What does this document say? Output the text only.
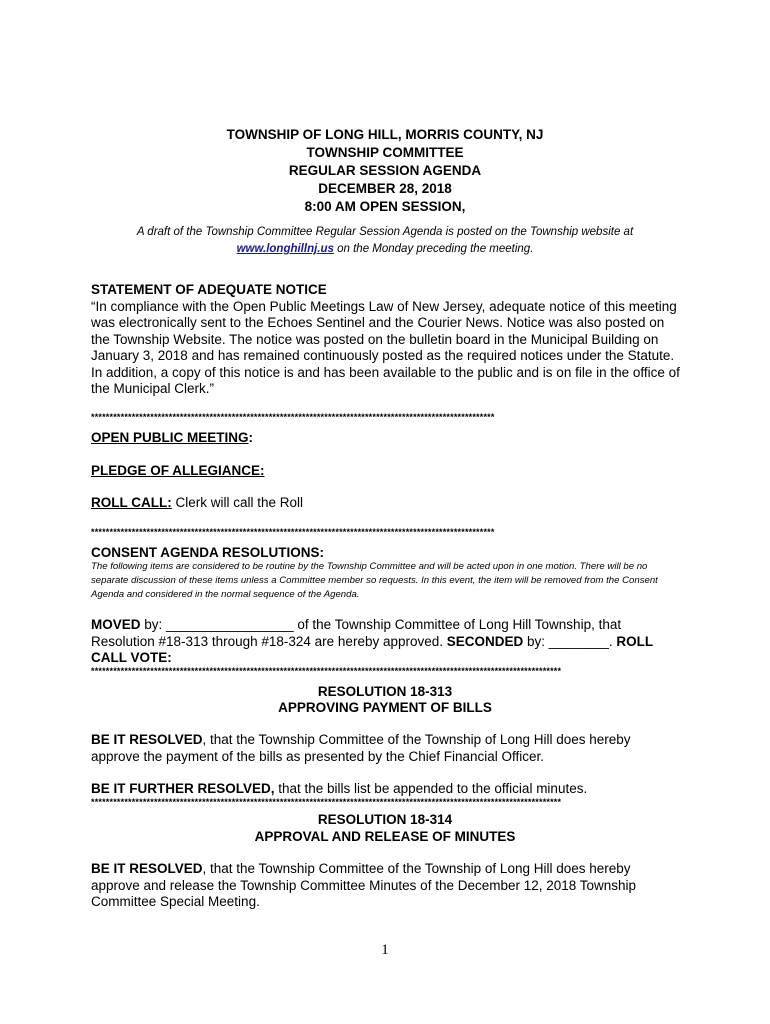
TOWNSHIP OF LONG HILL, MORRIS COUNTY, NJ
TOWNSHIP COMMITTEE
REGULAR SESSION AGENDA
DECEMBER 28, 2018
8:00 AM OPEN SESSION,
A draft of the Township Committee Regular Session Agenda is posted on the Township website at
www.longhillnj.us on the Monday preceding the meeting.
STATEMENT OF ADEQUATE NOTICE
“In compliance with the Open Public Meetings Law of New Jersey, adequate notice of this meeting was electronically sent to the Echoes Sentinel and the Courier News. Notice was also posted on the Township Website. The notice was posted on the bulletin board in the Municipal Building on January 3, 2018 and has remained continuously posted as the required notices under the Statute. In addition, a copy of this notice is and has been available to the public and is on file in the office of the Municipal Clerk.”
*************************************************************************************************************
OPEN PUBLIC MEETING:
PLEDGE OF ALLEGIANCE:
ROLL CALL: Clerk will call the Roll
*************************************************************************************************************
CONSENT AGENDA RESOLUTIONS:
The following items are considered to be routine by the Township Committee and will be acted upon in one motion. There will be no separate discussion of these items unless a Committee member so requests. In this event, the item will be removed from the Consent Agenda and considered in the normal sequence of the Agenda.
MOVED by: _________________ of the Township Committee of Long Hill Township, that Resolution #18-313 through #18-324 are hereby approved. SECONDED by: ________. ROLL CALL VOTE:
*******************************************************************************************************************************
RESOLUTION 18-313
APPROVING PAYMENT OF BILLS
BE IT RESOLVED, that the Township Committee of the Township of Long Hill does hereby approve the payment of the bills as presented by the Chief Financial Officer.
BE IT FURTHER RESOLVED, that the bills list be appended to the official minutes.
*******************************************************************************************************************************
RESOLUTION 18-314
APPROVAL AND RELEASE OF MINUTES
BE IT RESOLVED, that the Township Committee of the Township of Long Hill does hereby approve and release the Township Committee Minutes of the December 12, 2018 Township Committee Special Meeting.
1
